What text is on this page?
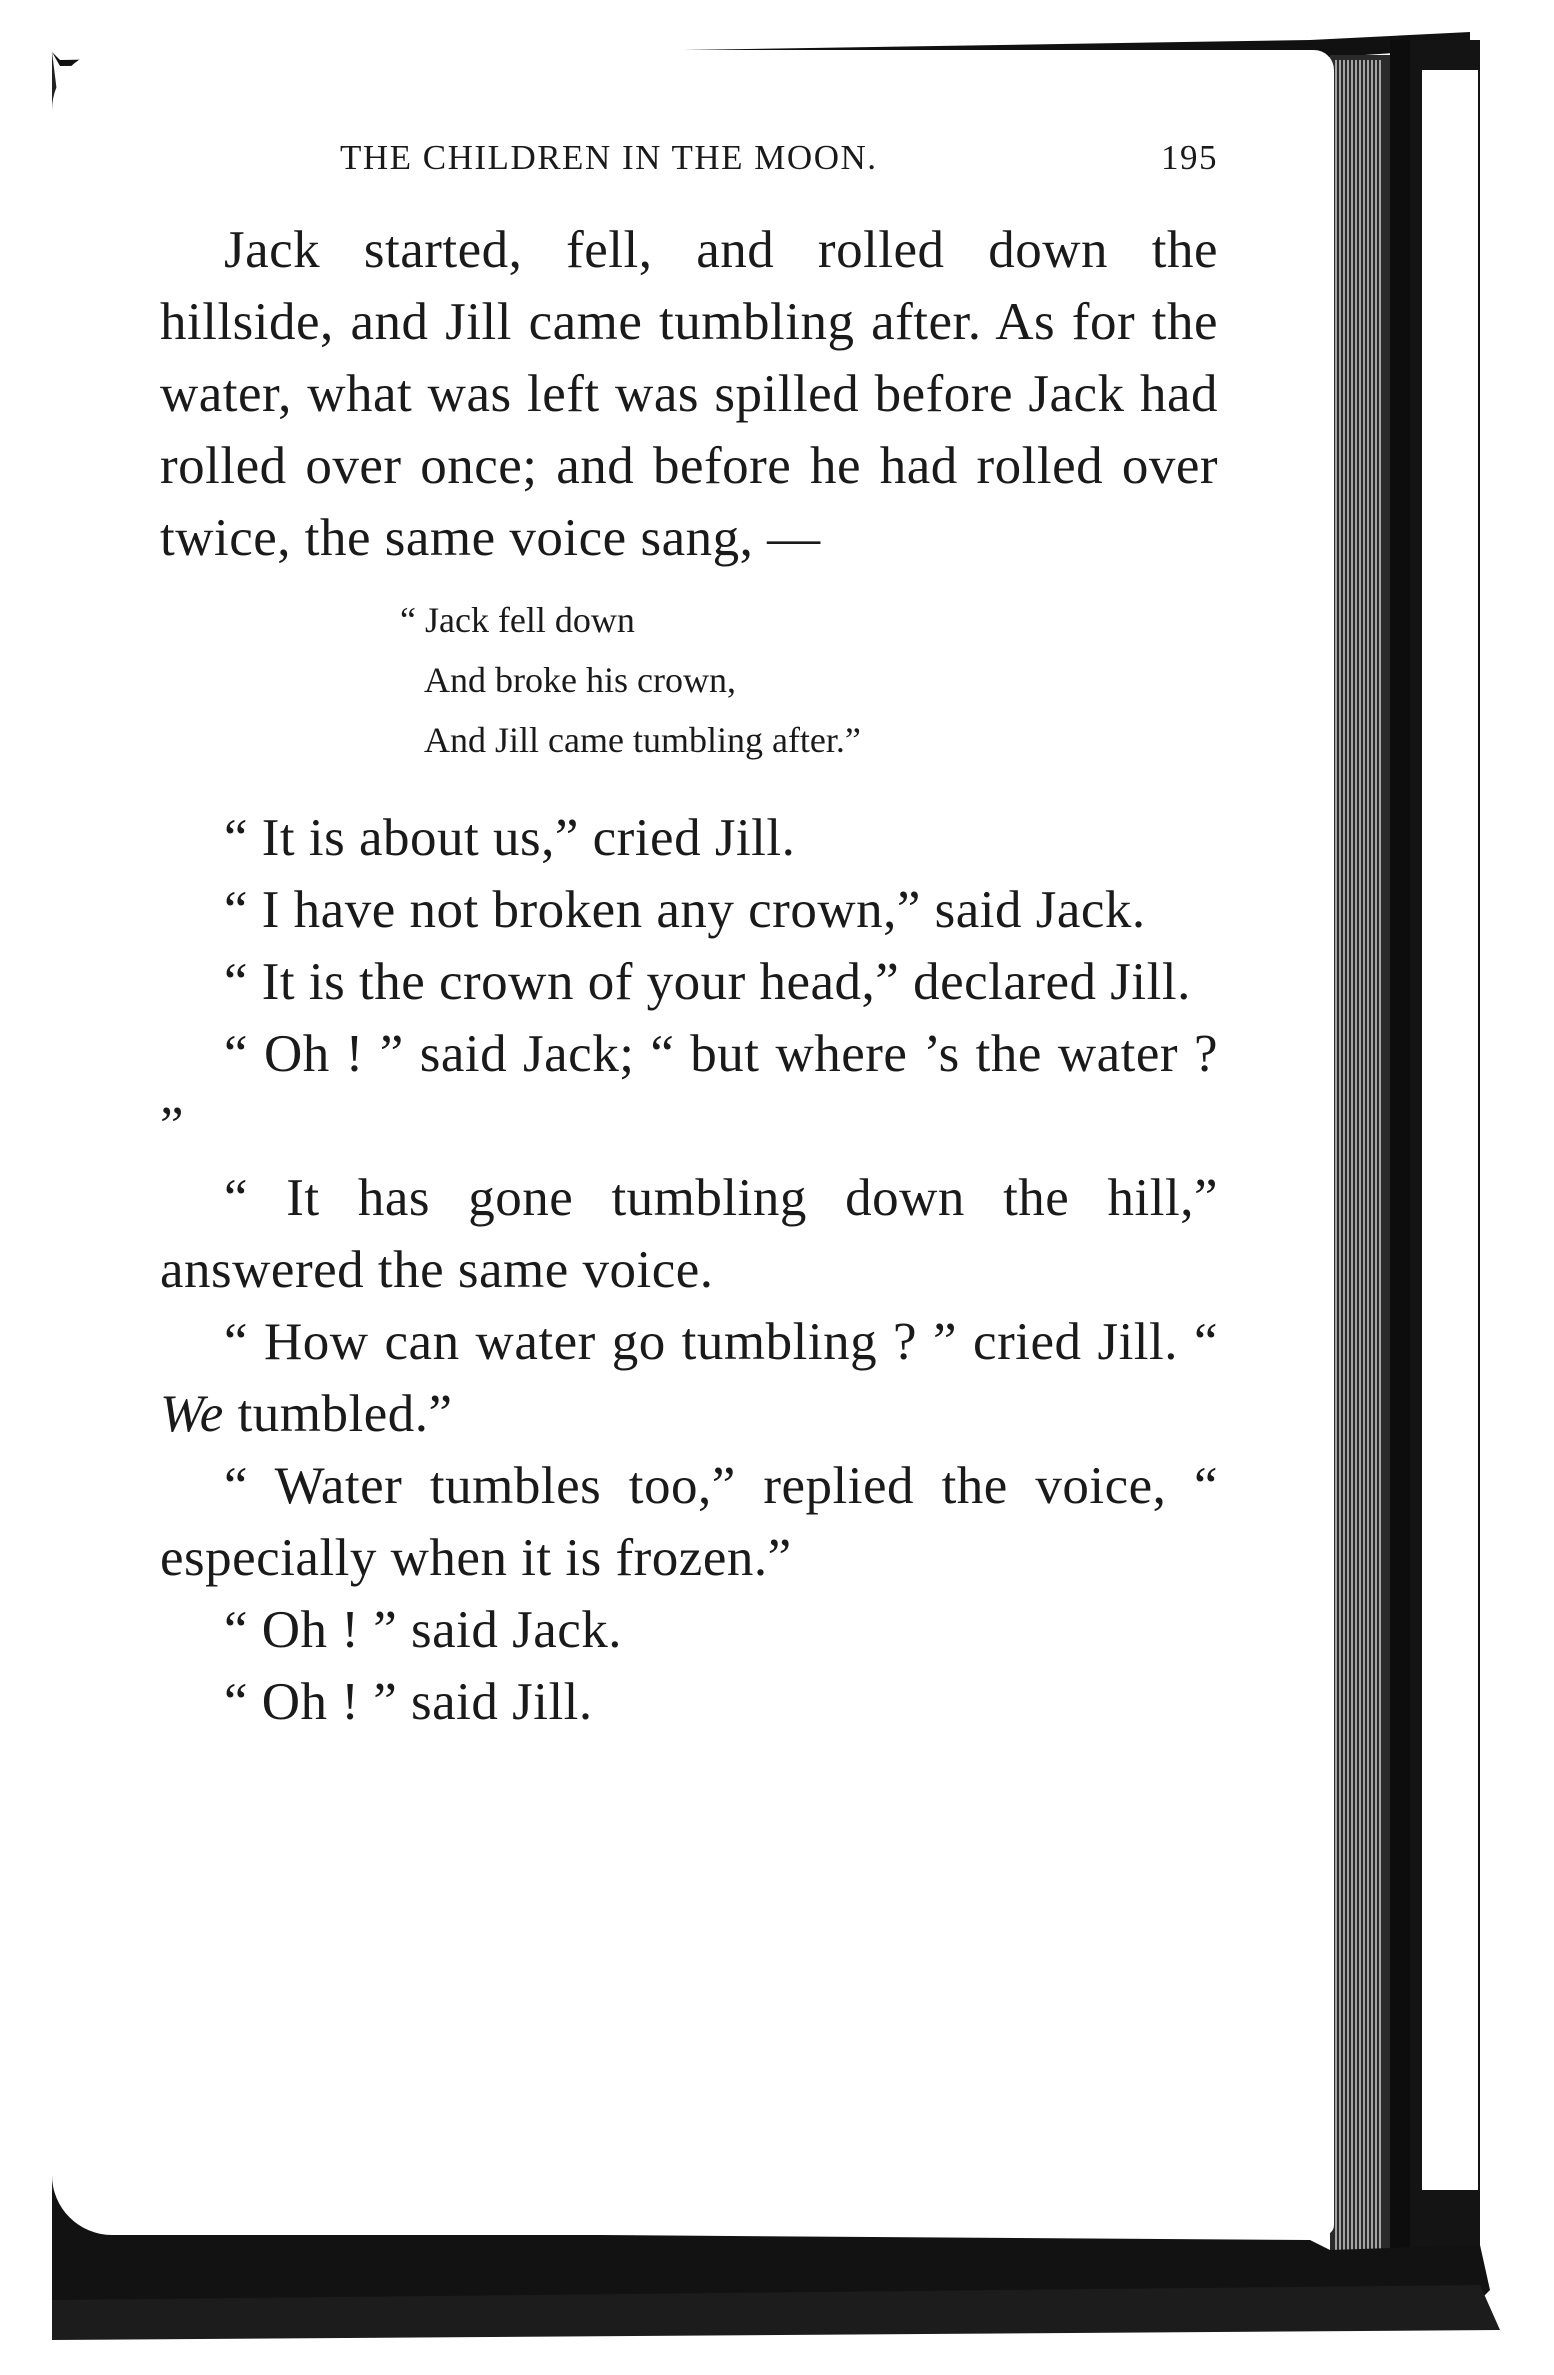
THE CHILDREN IN THE MOON.	195

Jack started, fell, and rolled down the hillside, and Jill came tumbling after. As for the water, what was left was spilled before Jack had rolled over once; and before he had rolled over twice, the same voice sang, —

“ Jack fell down
And broke his crown,
And Jill came tumbling after.”

“ It is about us,” cried Jill.

“ I have not broken any crown,” said Jack.

“ It is the crown of your head,” declared Jill.

“ Oh ! ” said Jack; “ but where ’s the water ? ”

“ It has gone tumbling down the hill,” answered the same voice.

“ How can water go tumbling ? ” cried Jill. “ We tumbled.”

“ Water tumbles too,” replied the voice, “ especially when it is frozen.”

“ Oh ! ” said Jack.

“ Oh ! ” said Jill.
